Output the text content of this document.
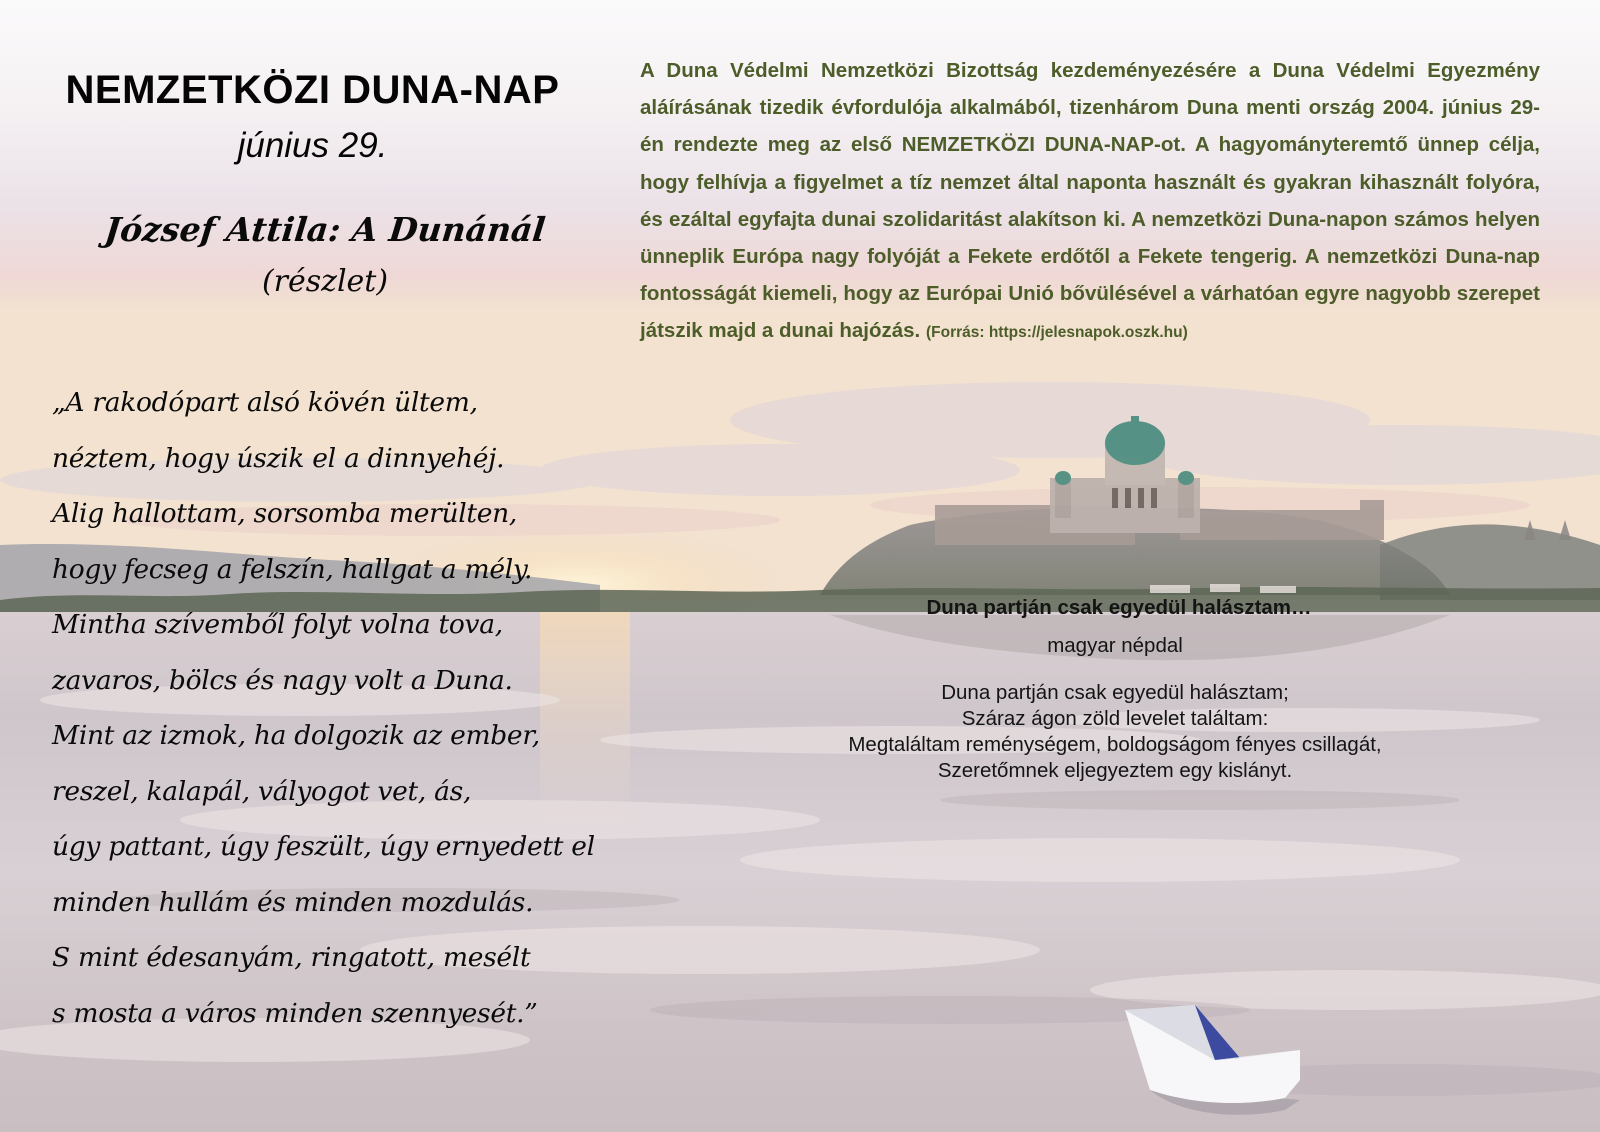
NEMZETKÖZI DUNA-NAP
június 29.
József Attila: A Dunánál
(részlet)
„A rakodópart alsó kövén ültem,
néztem, hogy úszik el a dinnyehéj.
Alig hallottam, sorsomba merülten,
hogy fecseg a felszín, hallgat a mély.
Mintha szívemből folyt volna tova,
zavaros, bölcs és nagy volt a Duna.
Mint az izmok, ha dolgozik az ember,
reszel, kalapál, vályogot vet, ás,
úgy pattant, úgy feszült, úgy ernyedett el
minden hullám és minden mozdulás.
S mint édesanyám, ringatott, mesélt
s mosta a város minden szennyesét.”
A Duna Védelmi Nemzetközi Bizottság kezdeményezésére a Duna Védelmi Egyezmény aláírásának tizedik évfordulója alkalmából, tizenhárom Duna menti ország 2004. június 29-én rendezte meg az első NEMZETKÖZI DUNA-NAP-ot. A hagyományteremtő ünnep célja, hogy felhívja a figyelmet a tíz nemzet által naponta használt és gyakran kihasznált folyóra, és ezáltal egyfajta dunai szolidaritást alakítson ki. A nemzetközi Duna-napon számos helyen ünneplik Európa nagy folyóját a Fekete erdőtől a Fekete tengerig. A nemzetközi Duna-nap fontosságát kiemeli, hogy az Európai Unió bővülésével a várhatóan egyre nagyobb szerepet játszik majd a dunai hajózás. (Forrás: https://jelesnapok.oszk.hu)
Duna partján csak egyedül halásztam…
magyar népdal
Duna partján csak egyedül halásztam;
Száraz ágon zöld levelet találtam:
Megtaláltam reménységem, boldogságom fényes csillagát,
Szeretőmnek eljegyeztem egy kislányt.
